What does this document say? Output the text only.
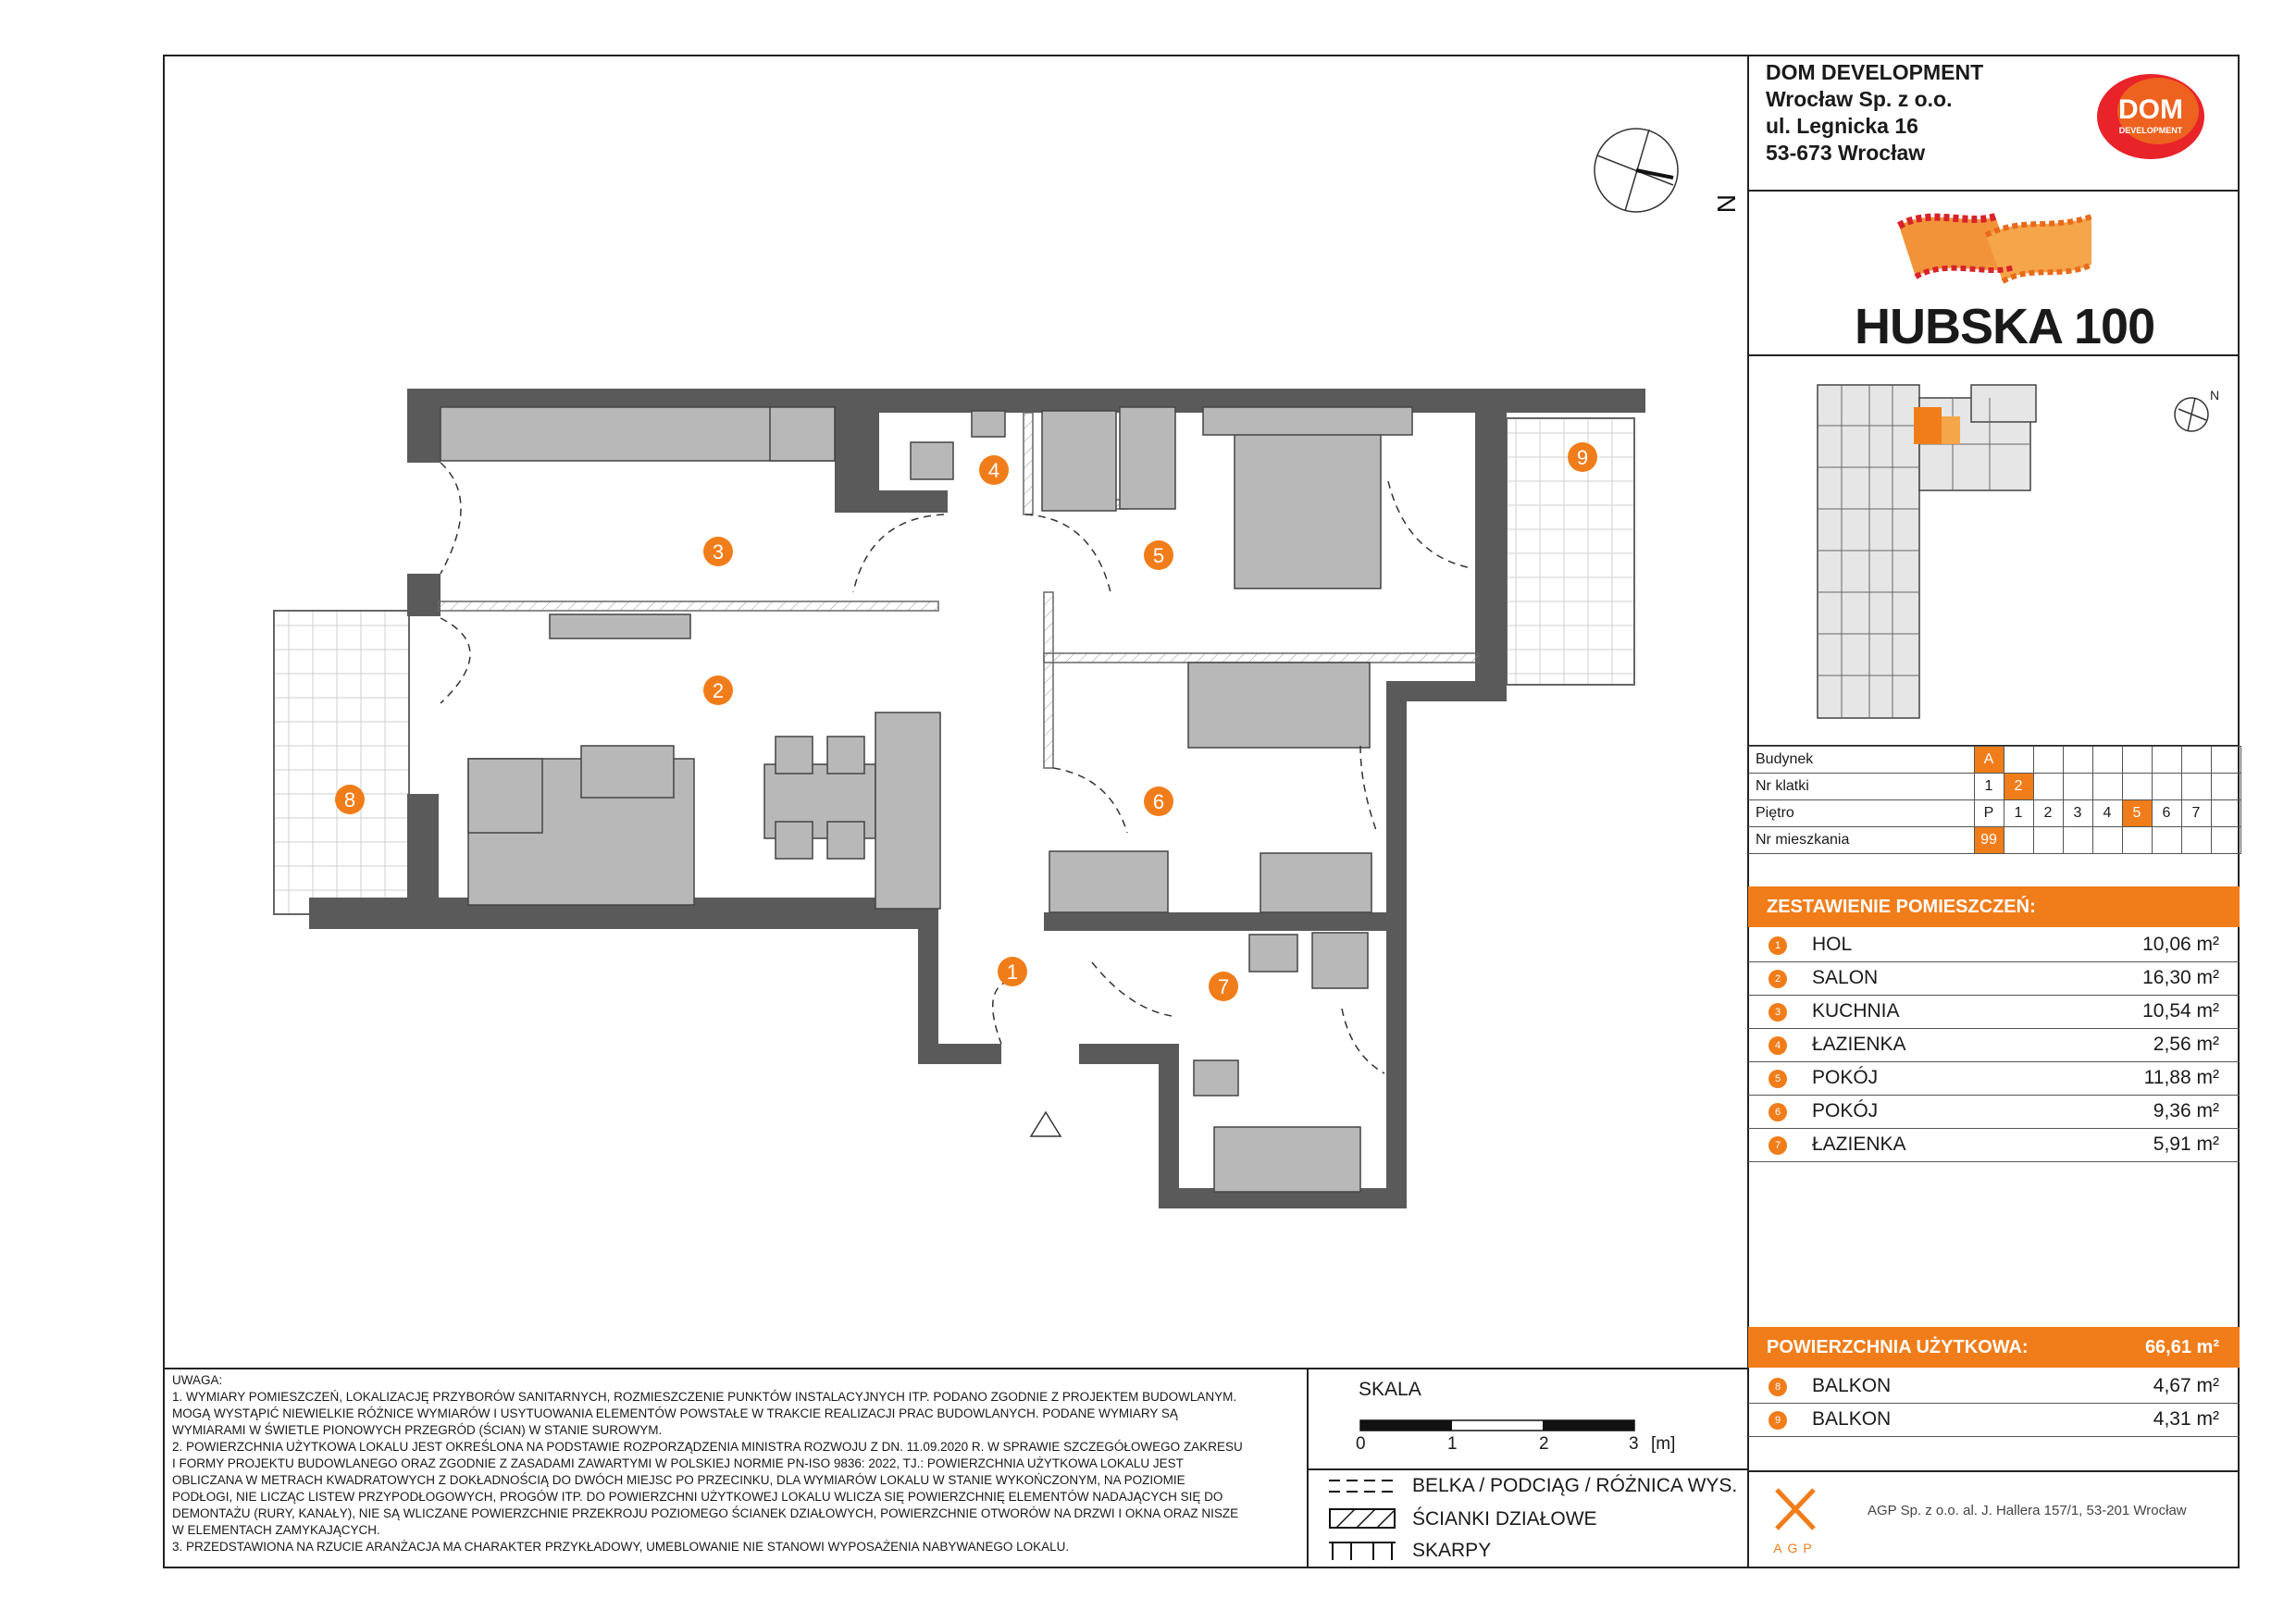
DOM DEVELOPMENT
Wrocław Sp. z o.o.
ul. Legnicka 16
53-673 Wrocław
DOM
DEVELOPMENT
HUBSKA 100
N
Budynek	A								
Nr klatki	1	2							
Piętro	P	1	2	3	4	5	6	7	
Nr mieszkania	99								
ZESTAWIENIE POMIESZCZEŃ:
1	HOL	10,06 m²
2	SALON	16,30 m²
3	KUCHNIA	10,54 m²
4	ŁAZIENKA	2,56 m²
5	POKÓJ	11,88 m²
6	POKÓJ	9,36 m²
7	ŁAZIENKA	5,91 m²
POWIERZCHNIA UŻYTKOWA:	66,61 m²
8	BALKON	4,67 m²
9	BALKON	4,31 m²
AGP
AGP Sp. z o.o. al. J. Hallera 157/1, 53-201 Wrocław
UWAGA:
1. WYMIARY POMIESZCZEŃ, LOKALIZACJĘ PRZYBORÓW SANITARNYCH, ROZMIESZCZENIE PUNKTÓW INSTALACYJNYCH ITP. PODANO ZGODNIE Z PROJEKTEM BUDOWLANYM.
MOGĄ WYSTĄPIĆ NIEWIELKIE RÓŻNICE WYMIARÓW I USYTUOWANIA ELEMENTÓW POWSTAŁE W TRAKCIE REALIZACJI PRAC BUDOWLANYCH. PODANE WYMIARY SĄ
WYMIARAMI W ŚWIETLE PIONOWYCH PRZEGRÓD (ŚCIAN) W STANIE SUROWYM.
2. POWIERZCHNIA UŻYTKOWA LOKALU JEST OKREŚLONA NA PODSTAWIE ROZPORZĄDZENIA MINISTRA ROZWOJU Z DN. 11.09.2020 R. W SPRAWIE SZCZEGÓŁOWEGO ZAKRESU
I FORMY PROJEKTU BUDOWLANEGO ORAZ ZGODNIE Z ZASADAMI ZAWARTYMI W POLSKIEJ NORMIE PN-ISO 9836: 2022, TJ.: POWIERZCHNIA UŻYTKOWA LOKALU JEST
OBLICZANA W METRACH KWADRATOWYCH Z DOKŁADNOŚCIĄ DO DWÓCH MIEJSC PO PRZECINKU, DLA WYMIARÓW LOKALU W STANIE WYKOŃCZONYM, NA POZIOMIE
PODŁOGI, NIE LICZĄC LISTEW PRZYPODŁOGOWYCH, PROGÓW ITP. DO POWIERZCHNI UŻYTKOWEJ LOKALU WLICZA SIĘ POWIERZCHNIĘ ELEMENTÓW NADAJĄCYCH SIĘ DO
DEMONTAŻU (RURY, KANAŁY), NIE SĄ WLICZANE POWIERZCHNIE PRZEKROJU POZIOMEGO ŚCIANEK DZIAŁOWYCH, POWIERZCHNIE OTWORÓW NA DRZWI I OKNA ORAZ NISZE
W ELEMENTACH ZAMYKAJĄCYCH.
3. PRZEDSTAWIONA NA RZUCIE ARANŻACJA MA CHARAKTER PRZYKŁADOWY, UMEBLOWANIE NIE STANOWI WYPOSAŻENIA NABYWANEGO LOKALU.
SKALA
0	1	2	3 [m]
BELKA / PODCIĄG / RÓŻNICA WYS.
ŚCIANKI DZIAŁOWE
SKARPY
N
1
2
3
4
5
6
7
8
9
